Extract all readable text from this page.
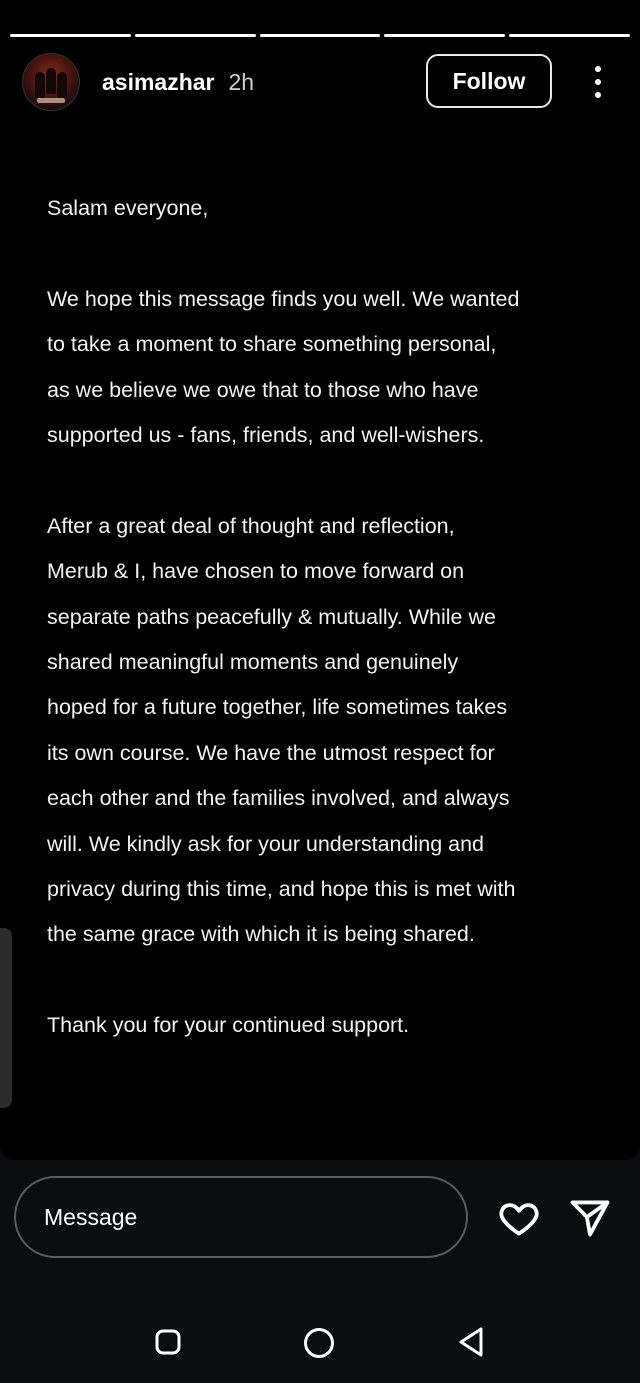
asimazhar 2h	Follow

Salam everyone,

We hope this message finds you well. We wanted
to take a moment to share something personal,
as we believe we owe that to those who have
supported us - fans, friends, and well-wishers.

After a great deal of thought and reflection,
Merub & I, have chosen to move forward on
separate paths peacefully & mutually. While we
shared meaningful moments and genuinely
hoped for a future together, life sometimes takes
its own course. We have the utmost respect for
each other and the families involved, and always
will. We kindly ask for your understanding and
privacy during this time, and hope this is met with
the same grace with which it is being shared.

Thank you for your continued support.

Message
